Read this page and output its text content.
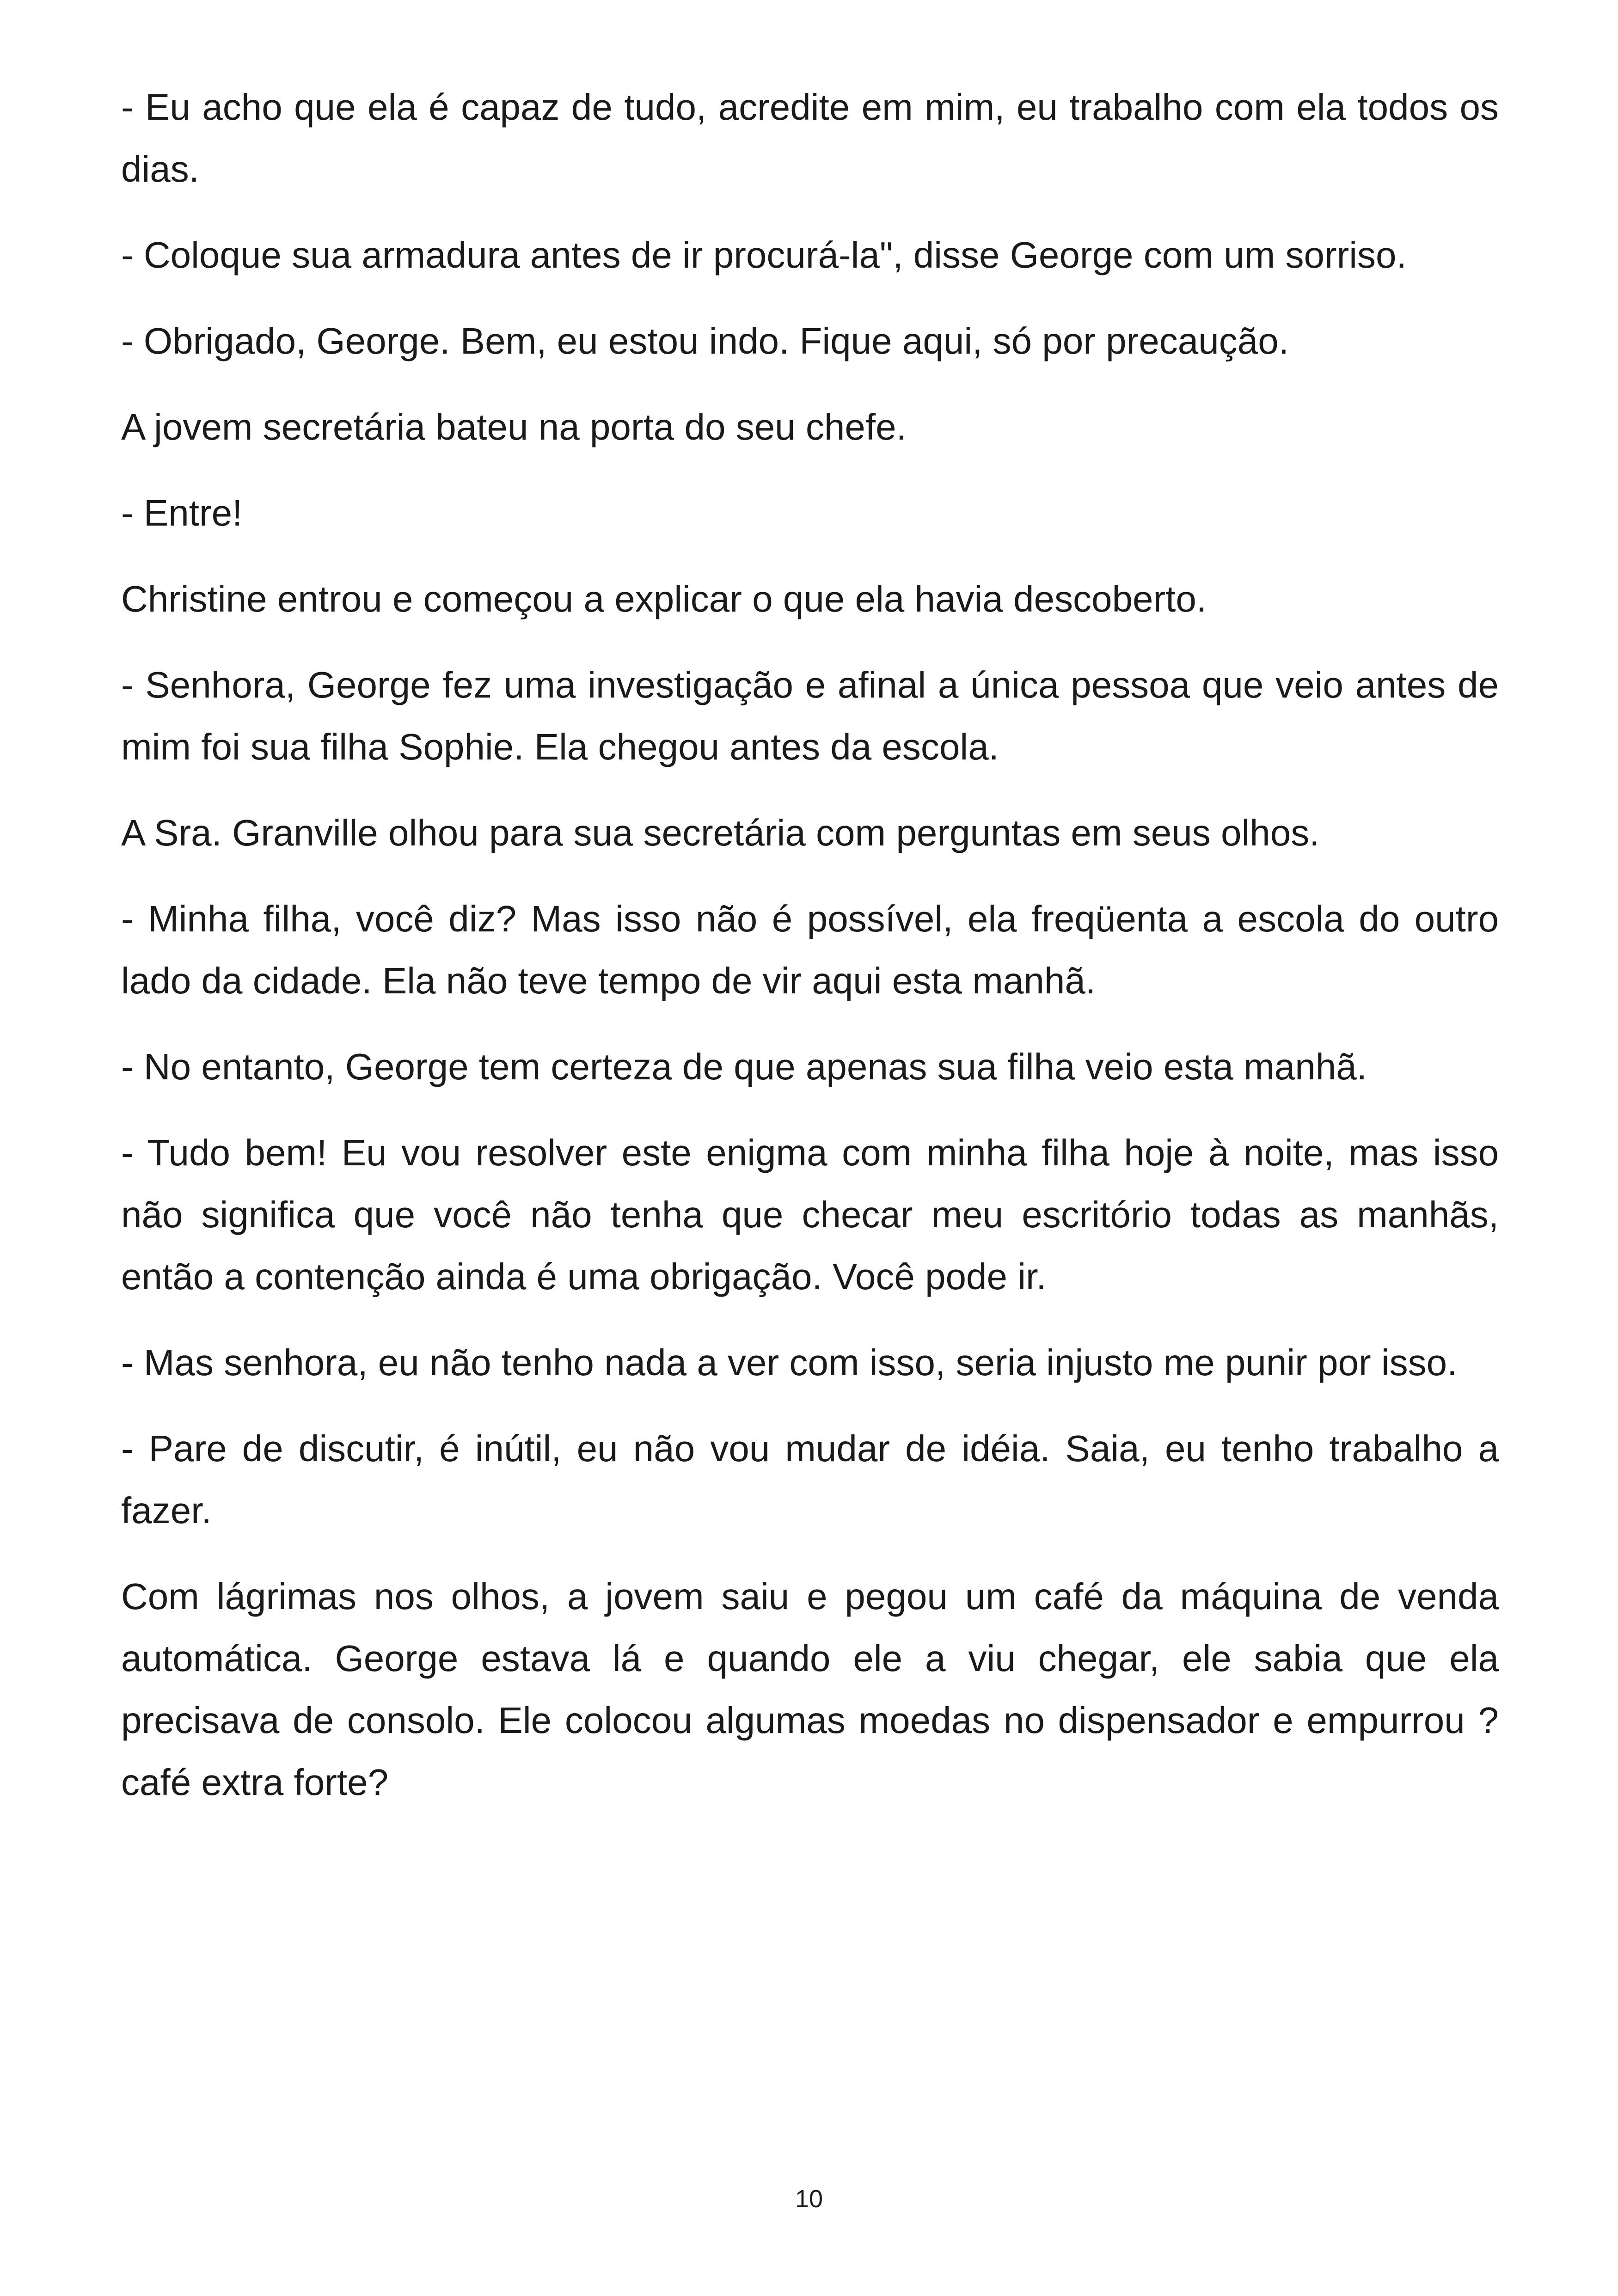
- Eu acho que ela é capaz de tudo, acredite em mim, eu trabalho com ela todos os dias.

- Coloque sua armadura antes de ir procurá-la", disse George com um sorriso.

- Obrigado, George. Bem, eu estou indo. Fique aqui, só por precaução.

A jovem secretária bateu na porta do seu chefe.

- Entre!

Christine entrou e começou a explicar o que ela havia descoberto.

- Senhora, George fez uma investigação e afinal a única pessoa que veio antes de mim foi sua filha Sophie. Ela chegou antes da escola.

A Sra. Granville olhou para sua secretária com perguntas em seus olhos.

- Minha filha, você diz? Mas isso não é possível, ela freqüenta a escola do outro lado da cidade. Ela não teve tempo de vir aqui esta manhã.

- No entanto, George tem certeza de que apenas sua filha veio esta manhã.

- Tudo bem! Eu vou resolver este enigma com minha filha hoje à noite, mas isso não significa que você não tenha que checar meu escritório todas as manhãs, então a contenção ainda é uma obrigação. Você pode ir.

- Mas senhora, eu não tenho nada a ver com isso, seria injusto me punir por isso.

- Pare de discutir, é inútil, eu não vou mudar de idéia. Saia, eu tenho trabalho a fazer.

Com lágrimas nos olhos, a jovem saiu e pegou um café da máquina de venda automática. George estava lá e quando ele a viu chegar, ele sabia que ela precisava de consolo. Ele colocou algumas moedas no dispensador e empurrou ? café extra forte?

10
